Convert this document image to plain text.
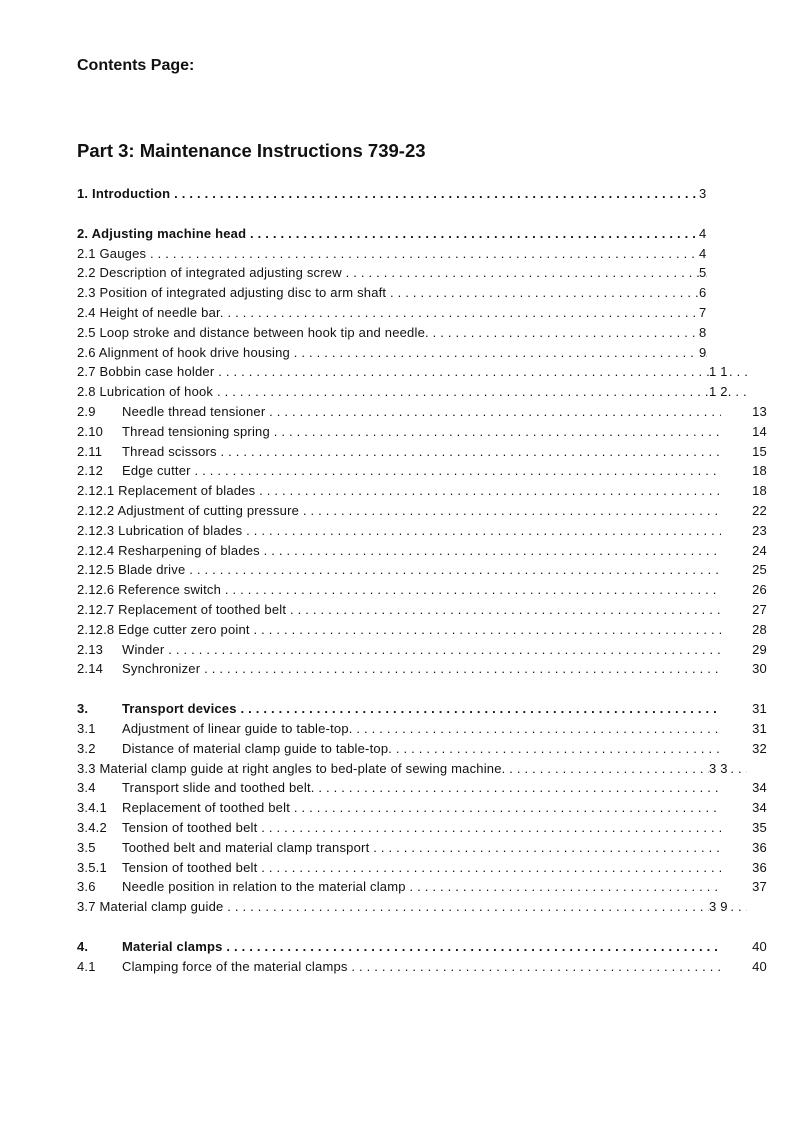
Contents Page:
Part 3: Maintenance Instructions 739-23
1. Introduction . . .	3
2. Adjusting machine head . . .	4
2.1 Gauges . . .	4
2.2 Description of integrated adjusting screw . . .	5
2.3 Position of integrated adjusting disc to arm shaft . . .	6
2.4 Height of needle bar. . . .	7
2.5 Loop stroke and distance between hook tip and needle. . . .	8
2.6 Alignment of hook drive housing . . .	9
2.7 Bobbin case holder . . .	1 1
2.8 Lubrication of hook . . .	1 2
2.9 Needle thread tensioner . . .	13
2.10 Thread tensioning spring . . .	14
2.11 Thread scissors . . .	15
2.12 Edge cutter . . .	18
2.12.1 Replacement of blades . . .	18
2.12.2 Adjustment of cutting pressure . . .	22
2.12.3 Lubrication of blades . . .	23
2.12.4 Resharpening of blades . . .	24
2.12.5 Blade drive . . .	25
2.12.6 Reference switch . . .	26
2.12.7 Replacement of toothed belt . . .	27
2.12.8 Edge cutter zero point . . .	28
2.13 Winder . . .	29
2.14 Synchronizer . . .	30
3.	Transport devices . . .	31
3.1 Adjustment of linear guide to table-top. . . .	31
3.2 Distance of material clamp guide to table-top. . . .	32
3.3 Material clamp guide at right angles to bed-plate of sewing machine. . . .	3 3
3.4 Transport slide and toothed belt. . . .	34
3.4.1 Replacement of toothed belt . . .	34
3.4.2 Tension of toothed belt . . .	35
3.5 Toothed belt and material clamp transport . . .	36
3.5.1 Tension of toothed belt . . .	36
3.6 Needle position in relation to the material clamp . . .	37
3.7 Material clamp guide . . .	3 9
4.	Material clamps . . .	40
4.1 Clamping force of the material clamps . . .	40
